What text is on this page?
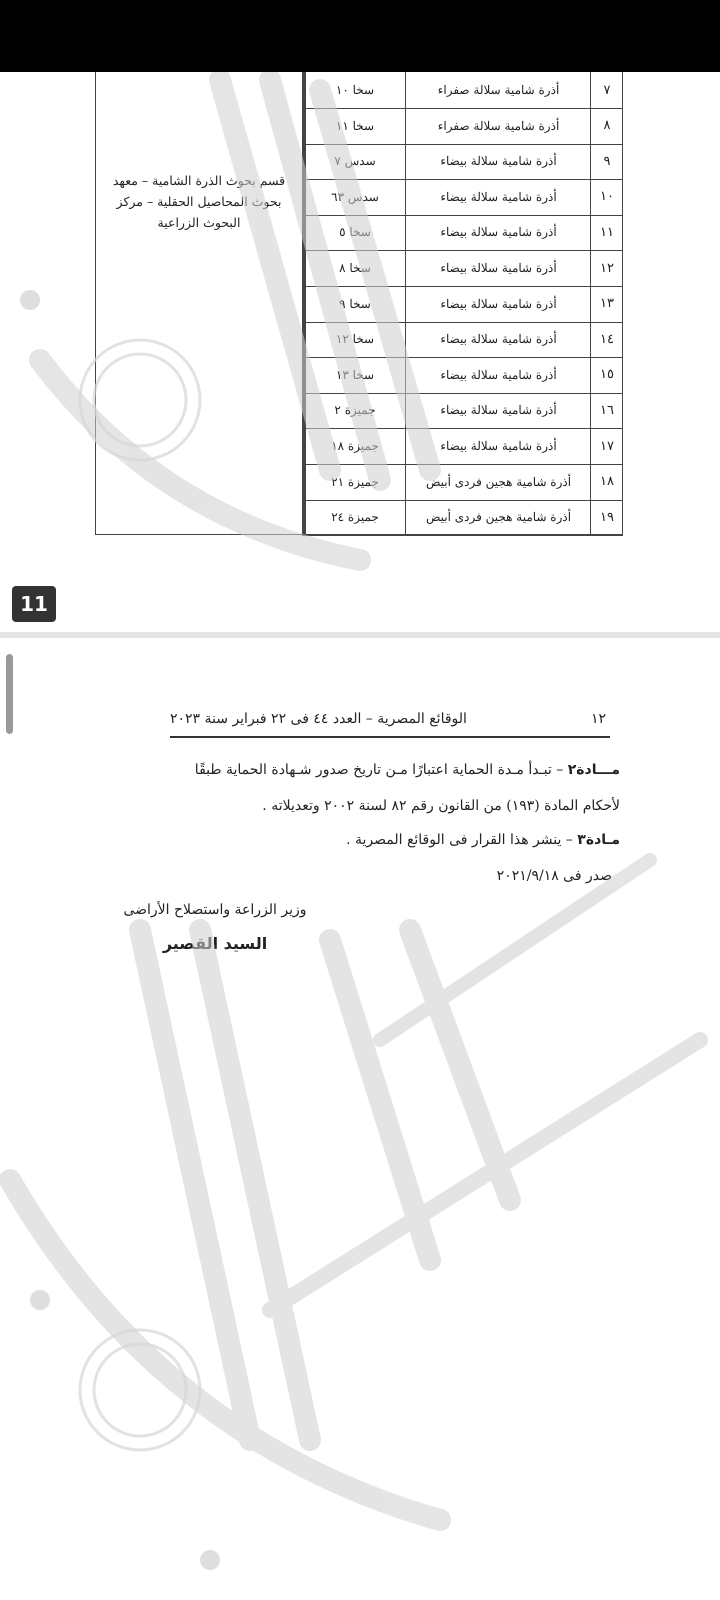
قسم بحوث الذرة الشامية – معهد بحوث المحاصيل الحقلية – مركز البحوث الزراعية
٧
أذرة شامية سلالة صفراء
سخا ١٠
٨
أذرة شامية سلالة صفراء
سخا ١١
٩
أذرة شامية سلالة بيضاء
سدس ٧
١٠
أذرة شامية سلالة بيضاء
سدس ٦٣
١١
أذرة شامية سلالة بيضاء
سخا ٥
١٢
أذرة شامية سلالة بيضاء
سخا ٨
١٣
أذرة شامية سلالة بيضاء
سخا ٩
١٤
أذرة شامية سلالة بيضاء
سخا ١٢
١٥
أذرة شامية سلالة بيضاء
سخا ١٣
١٦
أذرة شامية سلالة بيضاء
جميزة ٢
١٧
أذرة شامية سلالة بيضاء
جميزة ١٨
١٨
أذرة شامية هجين فردى أبيض
جميزة ٢١
١٩
أذرة شامية هجين فردى أبيض
جميزة ٢٤
11
١٢
الوقائع المصرية – العدد ٤٤ فى ٢٢ فبراير سنة ٢٠٢٣
مـــادة٢ – تبـدأ مـدة الحماية اعتبارًا مـن تاريخ صدور شـهادة الحماية طبقًا
لأحكام المادة (١٩٣) من القانون رقم ٨٢ لسنة ٢٠٠٢ وتعديلاته .
مـادة٣ – ينشر هذا القرار فى الوقائع المصرية .
صدر فى ٢٠٢١/٩/١٨
وزير الزراعة واستصلاح الأراضى
السيد القصير
